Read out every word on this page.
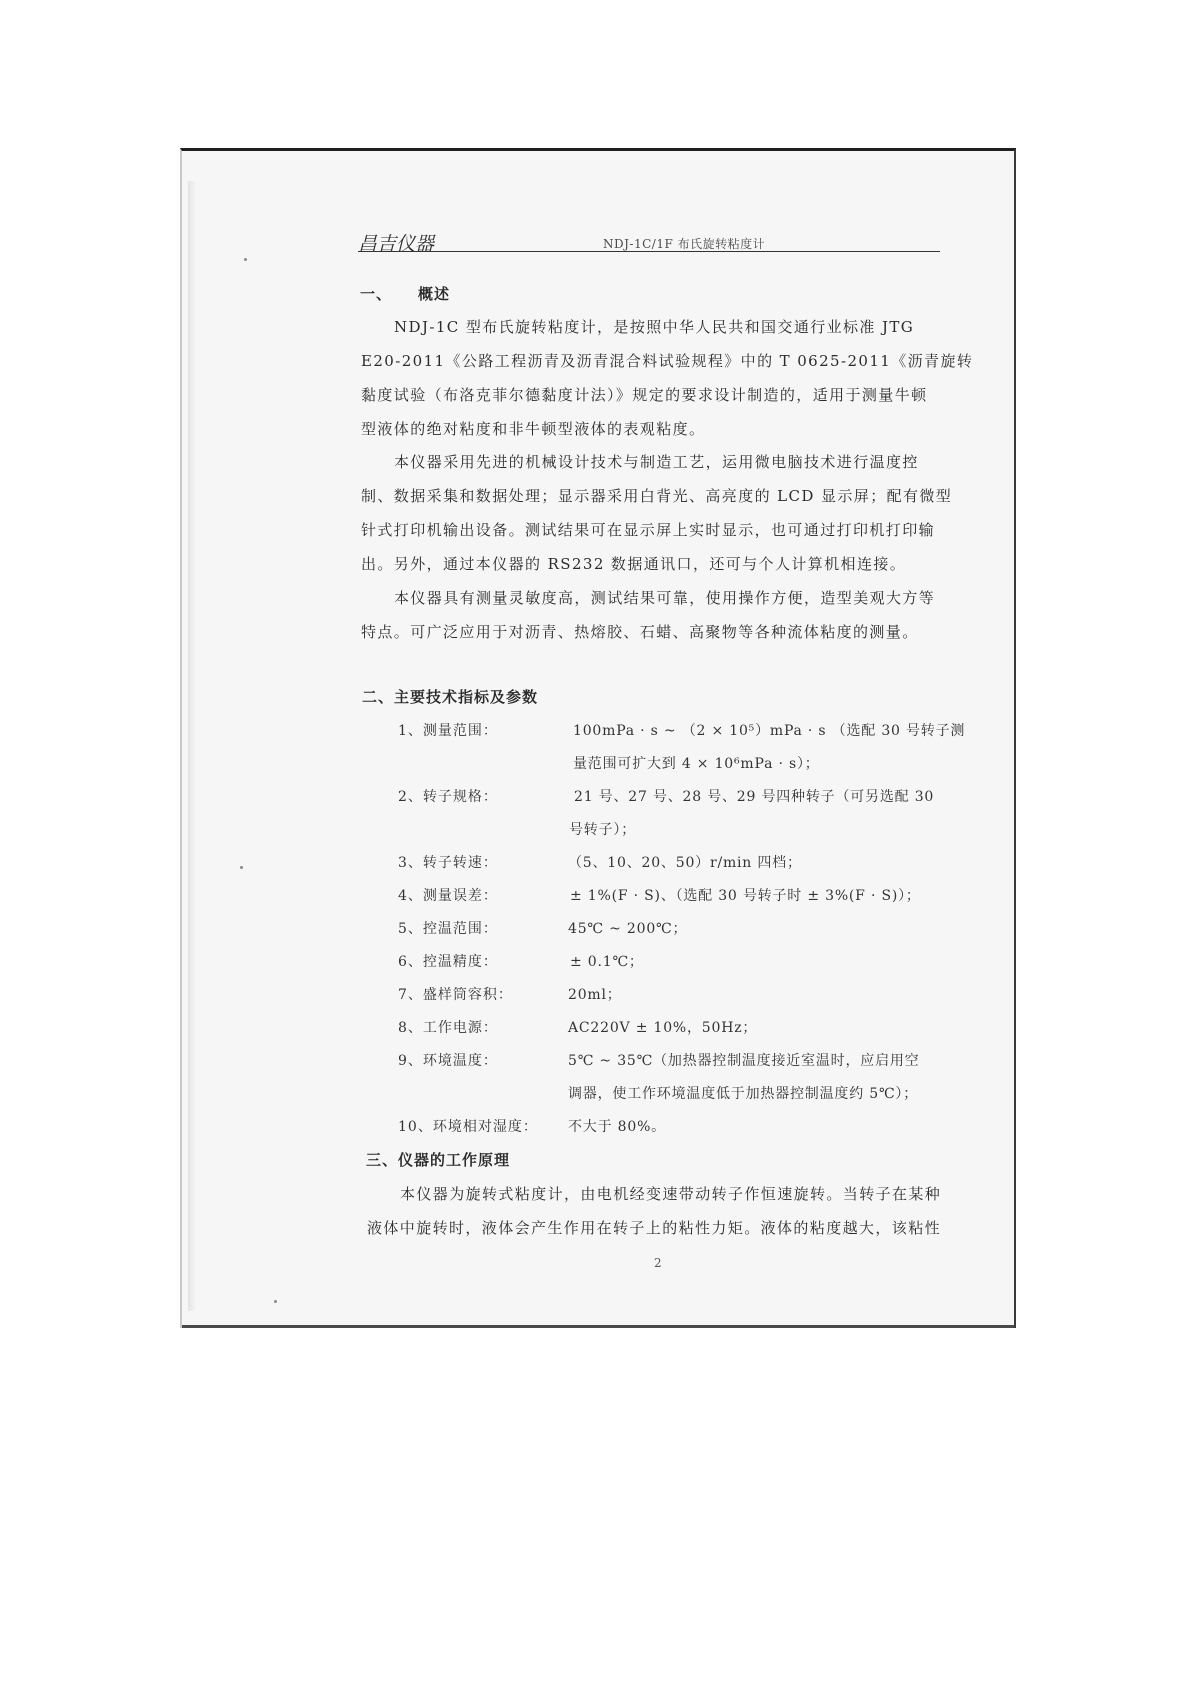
昌吉仪器	NDJ-1C/1F 布氏旋转粘度计
一、 概述
NDJ-1C 型布氏旋转粘度计，是按照中华人民共和国交通行业标准 JTG
E20-2011《公路工程沥青及沥青混合料试验规程》中的 T 0625-2011《沥青旋转
黏度试验（布洛克菲尔德黏度计法）》规定的要求设计制造的，适用于测量牛顿
型液体的绝对粘度和非牛顿型液体的表观粘度。
本仪器采用先进的机械设计技术与制造工艺，运用微电脑技术进行温度控
制、数据采集和数据处理；显示器采用白背光、高亮度的 LCD 显示屏；配有微型
针式打印机输出设备。测试结果可在显示屏上实时显示，也可通过打印机打印输
出。另外，通过本仪器的 RS232 数据通讯口，还可与个人计算机相连接。
本仪器具有测量灵敏度高，测试结果可靠，使用操作方便，造型美观大方等
特点。可广泛应用于对沥青、热熔胶、石蜡、高聚物等各种流体粘度的测量。
二、主要技术指标及参数
1、测量范围：	100mPa · s ~ （2 × 10⁵）mPa · s （选配 30 号转子测
量范围可扩大到 4 × 10⁶mPa · s）；
2、转子规格：	21 号、27 号、28 号、29 号四种转子（可另选配 30
号转子）；
3、转子转速：	（5、10、20、50）r/min 四档；
4、测量误差：	± 1%(F · S)、（选配 30 号转子时 ± 3%(F · S)）；
5、控温范围：	45℃ ~ 200℃；
6、控温精度：	± 0.1℃；
7、盛样筒容积：	20ml；
8、工作电源：	AC220V ± 10%，50Hz；
9、环境温度：	5℃ ~ 35℃（加热器控制温度接近室温时，应启用空
调器，使工作环境温度低于加热器控制温度约 5℃）；
10、环境相对湿度： 不大于 80%。
三、仪器的工作原理
本仪器为旋转式粘度计，由电机经变速带动转子作恒速旋转。当转子在某种
液体中旋转时，液体会产生作用在转子上的粘性力矩。液体的粘度越大，该粘性
2
